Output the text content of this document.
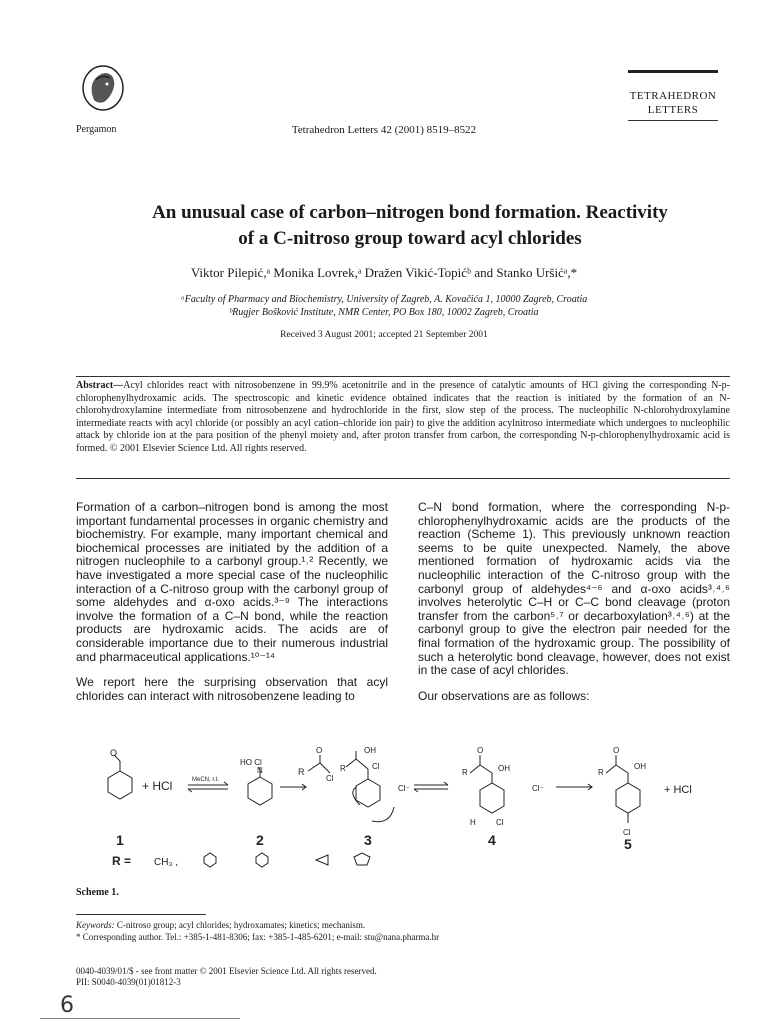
Pergamon	Tetrahedron Letters 42 (2001) 8519–8522
TETRAHEDRON
LETTERS
An unusual case of carbon–nitrogen bond formation. Reactivity
of a C-nitroso group toward acyl chlorides
Viktor Pilepić,ᵃ Monika Lovrek,ᵃ Dražen Vikić-Topićᵇ and Stanko Uršićᵃ,*
ᵃFaculty of Pharmacy and Biochemistry, University of Zagreb, A. Kovačića 1, 10000 Zagreb, Croatia
ᵇRugjer Bošković Institute, NMR Center, PO Box 180, 10002 Zagreb, Croatia
Received 3 August 2001; accepted 21 September 2001
Abstract—Acyl chlorides react with nitrosobenzene in 99.9% acetonitrile and in the presence of catalytic amounts of HCl giving the corresponding N-p-chlorophenylhydroxamic acids. The spectroscopic and kinetic evidence obtained indicates that the reaction is initiated by the formation of an N-chlorohydroxylamine intermediate from nitrosobenzene and hydrochloride in the first, slow step of the process. The nucleophilic N-chlorohydroxylamine intermediate reacts with acyl chloride (or possibly an acyl cation–chloride ion pair) to give the addition acylnitroso intermediate which undergoes to nucleophilic attack by chloride ion at the para position of the phenyl moiety and, after proton transfer from carbon, the corresponding N-p-chlorophenylhydroxamic acid is formed. © 2001 Elsevier Science Ltd. All rights reserved.

Formation of a carbon–nitrogen bond is among the most important fundamental processes in organic chemistry and biochemistry. For example, many important chemical and biochemical processes are initiated by the addition of a nitrogen nucleophile to a carbonyl group.¹˒² Recently, we have investigated a more special case of the nucleophilic interaction of a C-nitroso group with the carbonyl group of some aldehydes and α-oxo acids.³⁻⁹ The interactions involve the formation of a C–N bond, while the reaction products are hydroxamic acids. The acids are of considerable importance due to their numerous industrial and pharmaceutical applications.¹⁰⁻¹⁴

We report here the surprising observation that acyl chlorides can interact with nitrosobenzene leading to

C–N bond formation, where the corresponding N-p-chlorophenylhydroxamic acids are the products of the reaction (Scheme 1). This previously unknown reaction seems to be quite unexpected. Namely, the above mentioned formation of hydroxamic acids via the nucleophilic interaction of the C-nitroso group with the carbonyl group of aldehydes⁴⁻⁶ and α-oxo acids³˒⁴˒⁶ involves heterolytic C–H or C–C bond cleavage (proton transfer from the carbon⁵˒⁷ or decarboxylation³˒⁴˒⁶) at the carbonyl group to give the electron pair needed for the final formation of the hydroxamic group. The possibility of such a heterolytic bond cleavage, however, does not exist in the case of acyl chlorides.

Our observations are as follows:

O
+ HCl	MeCN, r.t.
HO Cl
N	R
Cl
O
R
OH
Cl
Cl⁻
R	OH
O
H	Cl
Cl⁻
R
OH
O
Cl
+ HCl
1	2	3	4	5
R = CH₃ ,
Scheme 1.
Keywords: C-nitroso group; acyl chlorides; hydroxamates; kinetics; mechanism.
* Corresponding author. Tel.: +385-1-481-8306; fax: +385-1-485-6201; e-mail: stu@nana.pharma.hr
0040-4039/01/$ - see front matter © 2001 Elsevier Science Ltd. All rights reserved.
PII: S0040-4039(01)01812-3
6
